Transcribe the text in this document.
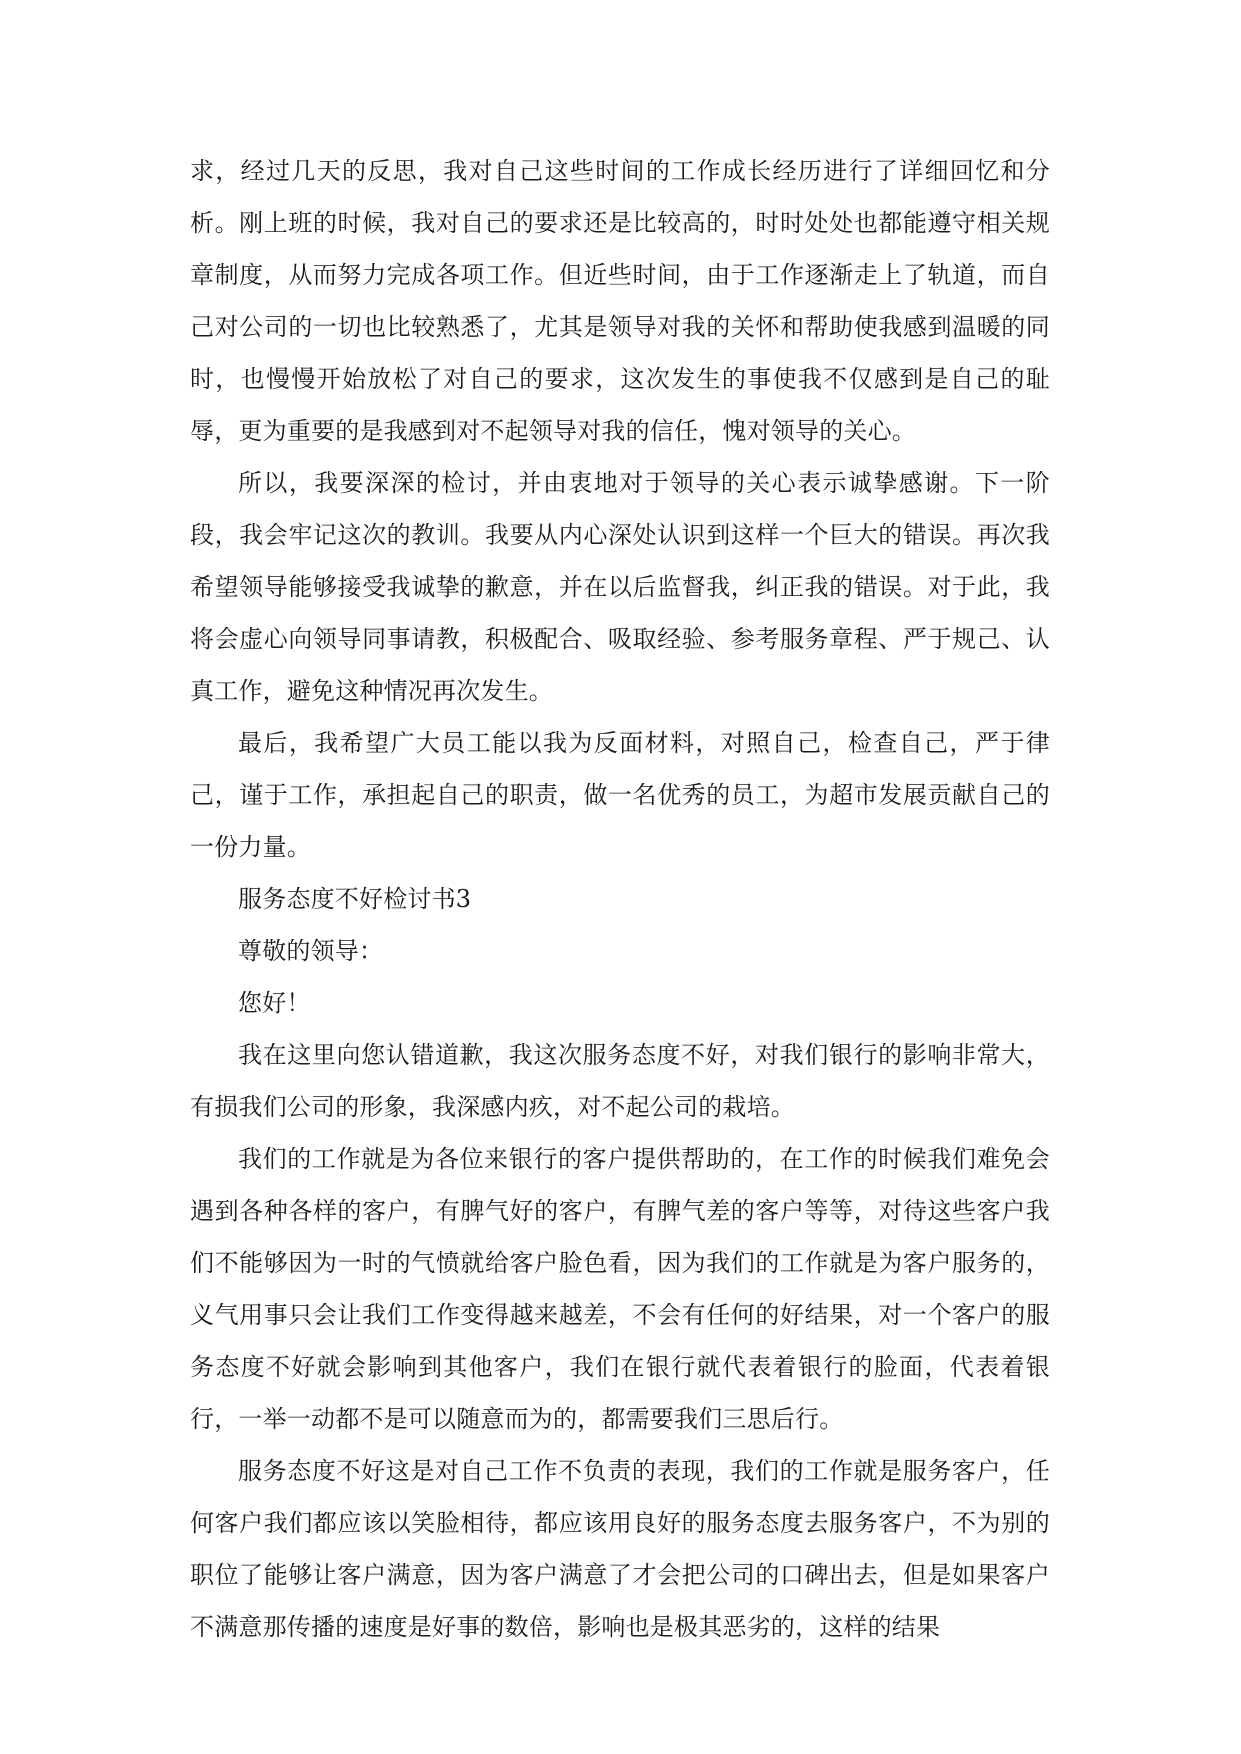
求，经过几天的反思，我对自己这些时间的工作成长经历进行了详细回忆和分析。刚上班的时候，我对自己的要求还是比较高的，时时处处也都能遵守相关规章制度，从而努力完成各项工作。但近些时间，由于工作逐渐走上了轨道，而自己对公司的一切也比较熟悉了，尤其是领导对我的关怀和帮助使我感到温暖的同时，也慢慢开始放松了对自己的要求，这次发生的事使我不仅感到是自己的耻辱，更为重要的是我感到对不起领导对我的信任，愧对领导的关心。

所以，我要深深的检讨，并由衷地对于领导的关心表示诚挚感谢。下一阶段，我会牢记这次的教训。我要从内心深处认识到这样一个巨大的错误。再次我希望领导能够接受我诚挚的歉意，并在以后监督我，纠正我的错误。对于此，我将会虚心向领导同事请教，积极配合、吸取经验、参考服务章程、严于规己、认真工作，避免这种情况再次发生。

最后，我希望广大员工能以我为反面材料，对照自己，检查自己，严于律己，谨于工作，承担起自己的职责，做一名优秀的员工，为超市发展贡献自己的一份力量。

服务态度不好检讨书3

尊敬的领导：

您好！

我在这里向您认错道歉，我这次服务态度不好，对我们银行的影响非常大，有损我们公司的形象，我深感内疚，对不起公司的栽培。

我们的工作就是为各位来银行的客户提供帮助的，在工作的时候我们难免会遇到各种各样的客户，有脾气好的客户，有脾气差的客户等等，对待这些客户我们不能够因为一时的气愤就给客户脸色看，因为我们的工作就是为客户服务的，义气用事只会让我们工作变得越来越差，不会有任何的好结果，对一个客户的服务态度不好就会影响到其他客户，我们在银行就代表着银行的脸面，代表着银行，一举一动都不是可以随意而为的，都需要我们三思后行。

服务态度不好这是对自己工作不负责的表现，我们的工作就是服务客户，任何客户我们都应该以笑脸相待，都应该用良好的服务态度去服务客户，不为别的职位了能够让客户满意，因为客户满意了才会把公司的口碑出去，但是如果客户不满意那传播的速度是好事的数倍，影响也是极其恶劣的，这样的结果
